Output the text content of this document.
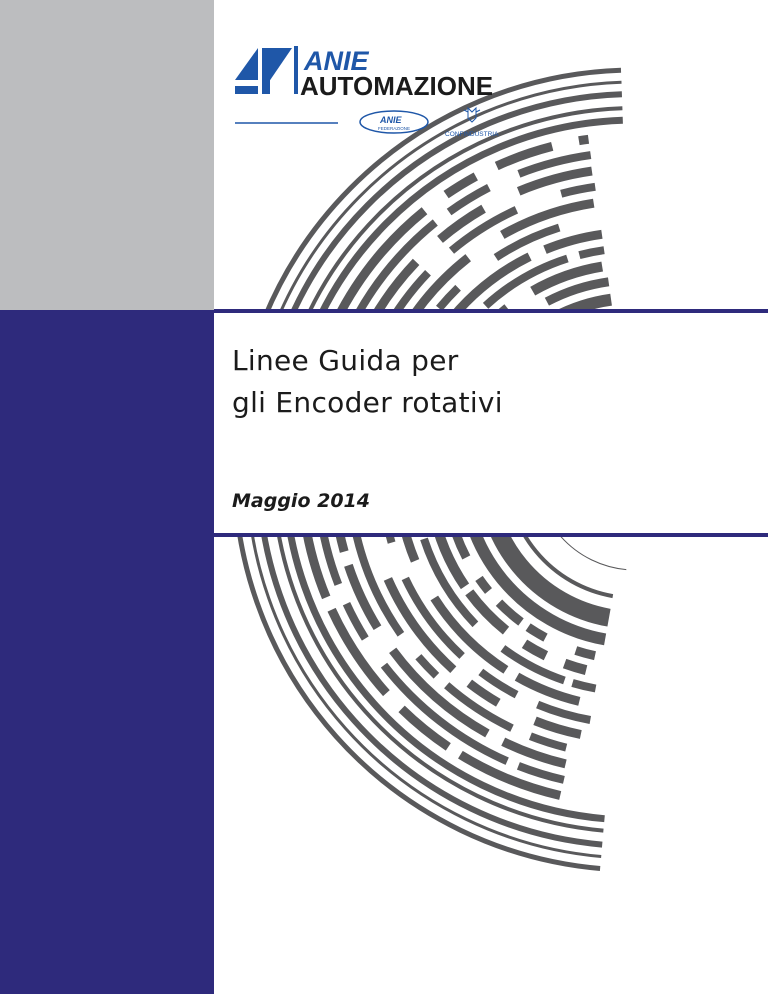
Linee Guida per
gli Encoder rotativi

Maggio 2014

ANIE
AUTOMAZIONE
ANIE
FEDERAZIONE
CONFINDUSTRIA
